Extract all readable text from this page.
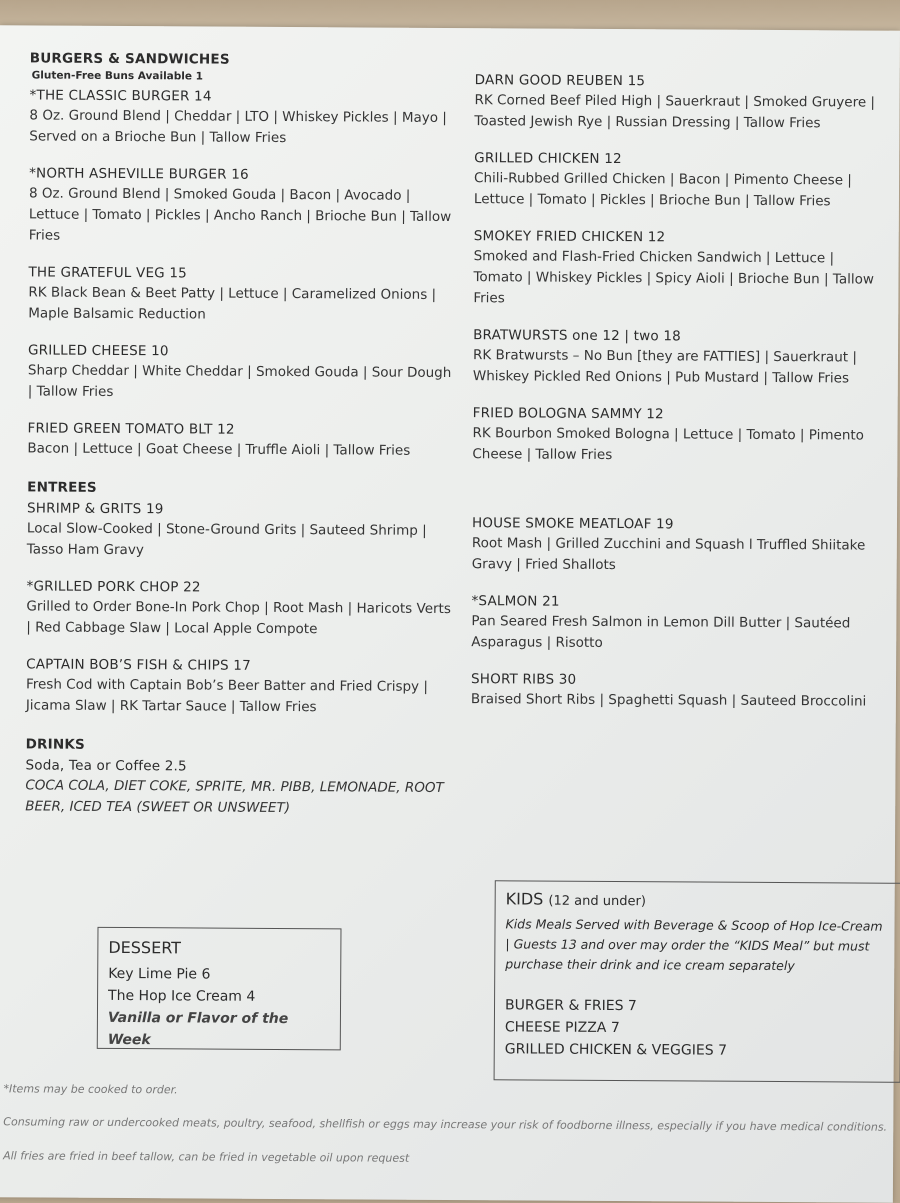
BURGERS & SANDWICHES
Gluten-Free Buns Available 1
*THE CLASSIC BURGER 14
8 Oz. Ground Blend | Cheddar | LTO | Whiskey Pickles | Mayo | Served on a Brioche Bun | Tallow Fries
*NORTH ASHEVILLE BURGER 16
8 Oz. Ground Blend | Smoked Gouda | Bacon | Avocado | Lettuce | Tomato | Pickles | Ancho Ranch | Brioche Bun | Tallow Fries
THE GRATEFUL VEG 15
RK Black Bean & Beet Patty | Lettuce | Caramelized Onions | Maple Balsamic Reduction
GRILLED CHEESE 10
Sharp Cheddar | White Cheddar | Smoked Gouda | Sour Dough | Tallow Fries
FRIED GREEN TOMATO BLT 12
Bacon | Lettuce | Goat Cheese | Truffle Aioli | Tallow Fries
ENTREES
SHRIMP & GRITS 19
Local Slow-Cooked | Stone-Ground Grits | Sauteed Shrimp | Tasso Ham Gravy
*GRILLED PORK CHOP 22
Grilled to Order Bone-In Pork Chop | Root Mash | Haricots Verts | Red Cabbage Slaw | Local Apple Compote
CAPTAIN BOB’S FISH & CHIPS 17
Fresh Cod with Captain Bob’s Beer Batter and Fried Crispy | Jicama Slaw | RK Tartar Sauce | Tallow Fries
DRINKS
Soda, Tea or Coffee 2.5
COCA COLA, DIET COKE, SPRITE, MR. PIBB, LEMONADE, ROOT BEER, ICED TEA (SWEET OR UNSWEET)
DARN GOOD REUBEN 15
RK Corned Beef Piled High | Sauerkraut | Smoked Gruyere | Toasted Jewish Rye | Russian Dressing | Tallow Fries
GRILLED CHICKEN 12
Chili-Rubbed Grilled Chicken | Bacon | Pimento Cheese | Lettuce | Tomato | Pickles | Brioche Bun | Tallow Fries
SMOKEY FRIED CHICKEN 12
Smoked and Flash-Fried Chicken Sandwich | Lettuce | Tomato | Whiskey Pickles | Spicy Aioli | Brioche Bun | Tallow Fries
BRATWURSTS one 12 | two 18
RK Bratwursts – No Bun [they are FATTIES] | Sauerkraut | Whiskey Pickled Red Onions | Pub Mustard | Tallow Fries
FRIED BOLOGNA SAMMY 12
RK Bourbon Smoked Bologna | Lettuce | Tomato | Pimento Cheese | Tallow Fries
HOUSE SMOKE MEATLOAF 19
Root Mash | Grilled Zucchini and Squash l Truffled Shiitake Gravy | Fried Shallots
*SALMON 21
Pan Seared Fresh Salmon in Lemon Dill Butter | Sautéed Asparagus | Risotto
SHORT RIBS 30
Braised Short Ribs | Spaghetti Squash | Sauteed Broccolini
DESSERT
Key Lime Pie 6
The Hop Ice Cream 4
Vanilla or Flavor of the Week
KIDS (12 and under)
Kids Meals Served with Beverage & Scoop of Hop Ice-Cream | Guests 13 and over may order the “KIDS Meal” but must purchase their drink and ice cream separately
BURGER & FRIES 7
CHEESE PIZZA 7
GRILLED CHICKEN & VEGGIES 7
*Items may be cooked to order.
Consuming raw or undercooked meats, poultry, seafood, shellfish or eggs may increase your risk of foodborne illness, especially if you have medical conditions.
All fries are fried in beef tallow, can be fried in vegetable oil upon request
